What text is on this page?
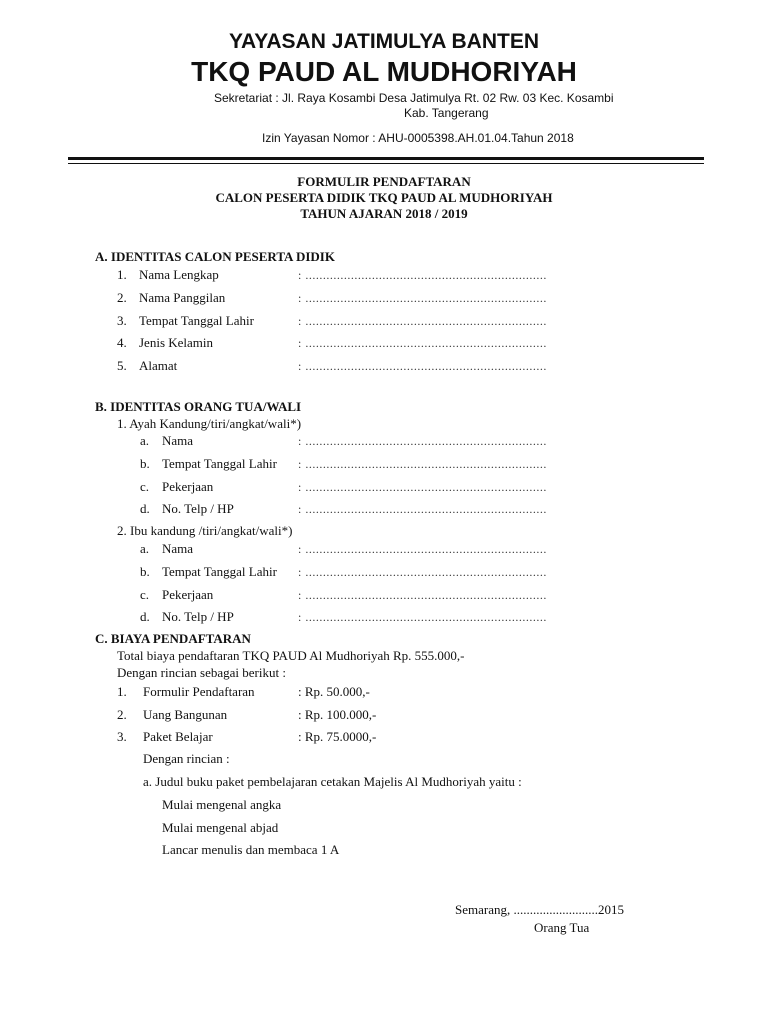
YAYASAN JATIMULYA BANTEN
TKQ PAUD AL MUDHORIYAH
Sekretariat : Jl. Raya Kosambi Desa Jatimulya Rt. 02 Rw. 03 Kec. Kosambi
Kab. Tangerang
Izin Yayasan Nomor : AHU-0005398.AH.01.04.Tahun 2018
FORMULIR PENDAFTARAN
CALON PESERTA DIDIK TKQ PAUD AL MUDHORIYAH
TAHUN AJARAN 2018 / 2019
A. IDENTITAS CALON PESERTA DIDIK
1. Nama Lengkap	: .....................................................................
2. Nama Panggilan	: .....................................................................
3. Tempat Tanggal Lahir	: .....................................................................
4. Jenis Kelamin	: .....................................................................
5. Alamat	: .....................................................................
B. IDENTITAS ORANG TUA/WALI
1. Ayah Kandung/tiri/angkat/wali*)
a. Nama	: .....................................................................
b. Tempat Tanggal Lahir : .....................................................................
c. Pekerjaan	: .....................................................................
d. No. Telp / HP	: .....................................................................
2. Ibu kandung /tiri/angkat/wali*)
a. Nama	: .....................................................................
b. Tempat Tanggal Lahir : .....................................................................
c. Pekerjaan	: .....................................................................
d. No. Telp / HP	: .....................................................................
C. BIAYA PENDAFTARAN
Total biaya pendaftaran TKQ PAUD Al Mudhoriyah Rp. 555.000,-
Dengan rincian sebagai berikut :
1. Formulir Pendaftaran	: Rp. 50.000,-
2. Uang Bangunan	: Rp. 100.000,-
3. Paket Belajar	: Rp. 75.0000,-
Dengan rincian :
a. Judul buku paket pembelajaran cetakan Majelis Al Mudhoriyah yaitu :
Mulai mengenal angka
Mulai mengenal abjad
Lancar menulis dan membaca 1 A
Semarang, ..........................2015
Orang Tua
